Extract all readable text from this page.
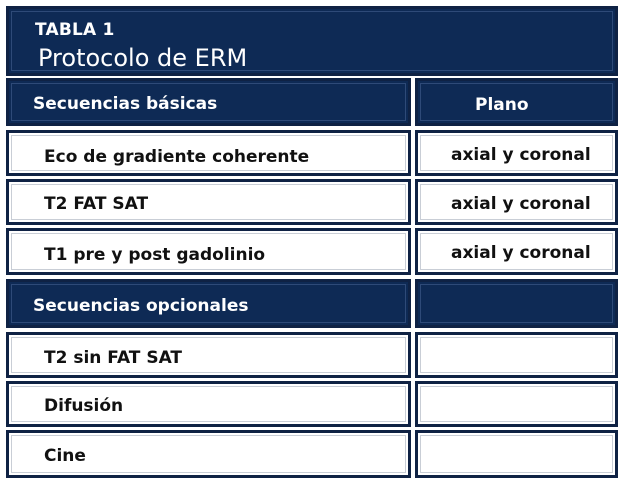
TABLA 1
Protocolo de ERM
Secuencias básicas	Plano
Eco de gradiente coherente	axial y coronal
T2 FAT SAT	axial y coronal
T1 pre y post gadolinio	axial y coronal
Secuencias opcionales
T2 sin FAT SAT
Difusión
Cine
